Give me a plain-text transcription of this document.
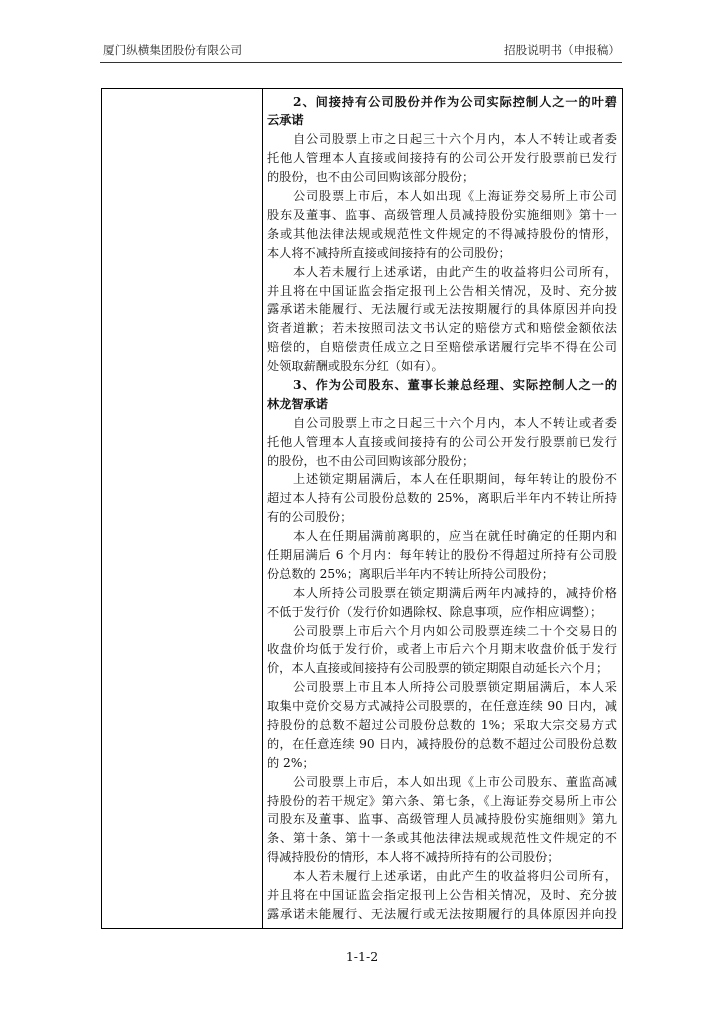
厦门纵横集团股份有限公司	招股说明书（申报稿）
2、间接持有公司股份并作为公司实际控制人之一的叶碧
云承诺
自公司股票上市之日起三十六个月内，本人不转让或者委
托他人管理本人直接或间接持有的公司公开发行股票前已发行
的股份，也不由公司回购该部分股份；
公司股票上市后，本人如出现《上海证券交易所上市公司
股东及董事、监事、高级管理人员减持股份实施细则》第十一
条或其他法律法规或规范性文件规定的不得减持股份的情形，
本人将不减持所直接或间接持有的公司股份；
本人若未履行上述承诺，由此产生的收益将归公司所有，
并且将在中国证监会指定报刊上公告相关情况，及时、充分披
露承诺未能履行、无法履行或无法按期履行的具体原因并向投
资者道歉；若未按照司法文书认定的赔偿方式和赔偿金额依法
赔偿的，自赔偿责任成立之日至赔偿承诺履行完毕不得在公司
处领取薪酬或股东分红（如有）。
3、作为公司股东、董事长兼总经理、实际控制人之一的
林龙智承诺
自公司股票上市之日起三十六个月内，本人不转让或者委
托他人管理本人直接或间接持有的公司公开发行股票前已发行
的股份，也不由公司回购该部分股份；
上述锁定期届满后，本人在任职期间，每年转让的股份不
超过本人持有公司股份总数的 25%，离职后半年内不转让所持
有的公司股份；
本人在任期届满前离职的，应当在就任时确定的任期内和
任期届满后 6 个月内：每年转让的股份不得超过所持有公司股
份总数的 25%；离职后半年内不转让所持公司股份；
本人所持公司股票在锁定期满后两年内减持的，减持价格
不低于发行价（发行价如遇除权、除息事项，应作相应调整）；
公司股票上市后六个月内如公司股票连续二十个交易日的
收盘价均低于发行价，或者上市后六个月期末收盘价低于发行
价，本人直接或间接持有公司股票的锁定期限自动延长六个月；
公司股票上市且本人所持公司股票锁定期届满后，本人采
取集中竞价交易方式减持公司股票的，在任意连续 90 日内，减
持股份的总数不超过公司股份总数的 1%；采取大宗交易方式
的，在任意连续 90 日内，减持股份的总数不超过公司股份总数
的 2%；
公司股票上市后，本人如出现《上市公司股东、董监高减
持股份的若干规定》第六条、第七条，《上海证券交易所上市公
司股东及董事、监事、高级管理人员减持股份实施细则》第九
条、第十条、第十一条或其他法律法规或规范性文件规定的不
得减持股份的情形，本人将不减持所持有的公司股份；
本人若未履行上述承诺，由此产生的收益将归公司所有，
并且将在中国证监会指定报刊上公告相关情况，及时、充分披
露承诺未能履行、无法履行或无法按期履行的具体原因并向投
1-1-2
